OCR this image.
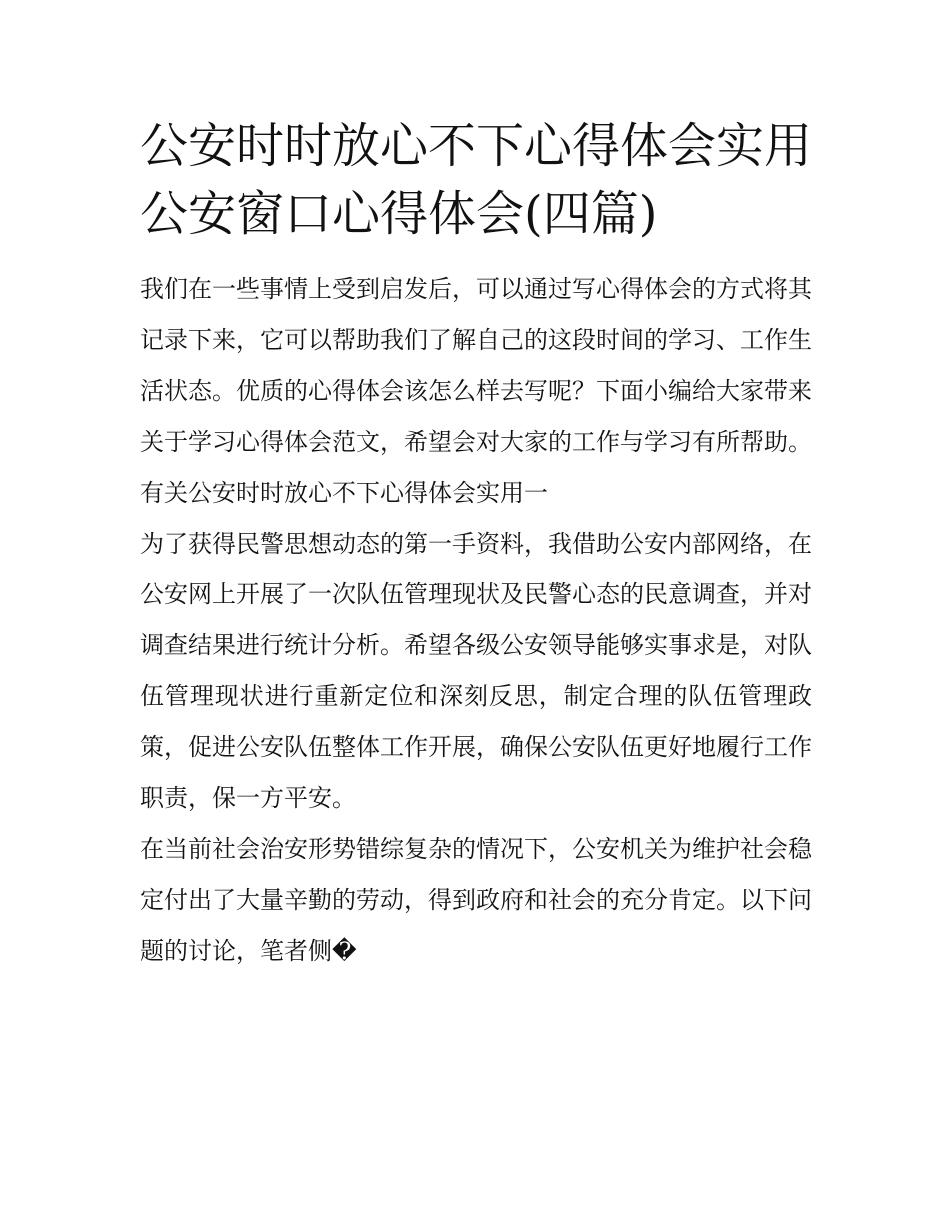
公安时时放心不下心得体会实用 公安窗口心得体会(四篇)

我们在一些事情上受到启发后，可以通过写心得体会的方式将其记录下来，它可以帮助我们了解自己的这段时间的学习、工作生活状态。优质的心得体会该怎么样去写呢？下面小编给大家带来关于学习心得体会范文，希望会对大家的工作与学习有所帮助。

有关公安时时放心不下心得体会实用一

为了获得民警思想动态的第一手资料，我借助公安内部网络，在公安网上开展了一次队伍管理现状及民警心态的民意调查，并对调查结果进行统计分析。希望各级公安领导能够实事求是，对队伍管理现状进行重新定位和深刻反思，制定合理的队伍管理政策，促进公安队伍整体工作开展，确保公安队伍更好地履行工作职责，保一方平安。

在当前社会治安形势错综复杂的情况下，公安机关为维护社会稳定付出了大量辛勤的劳动，得到政府和社会的充分肯定。以下问题的讨论，笔者侧�
